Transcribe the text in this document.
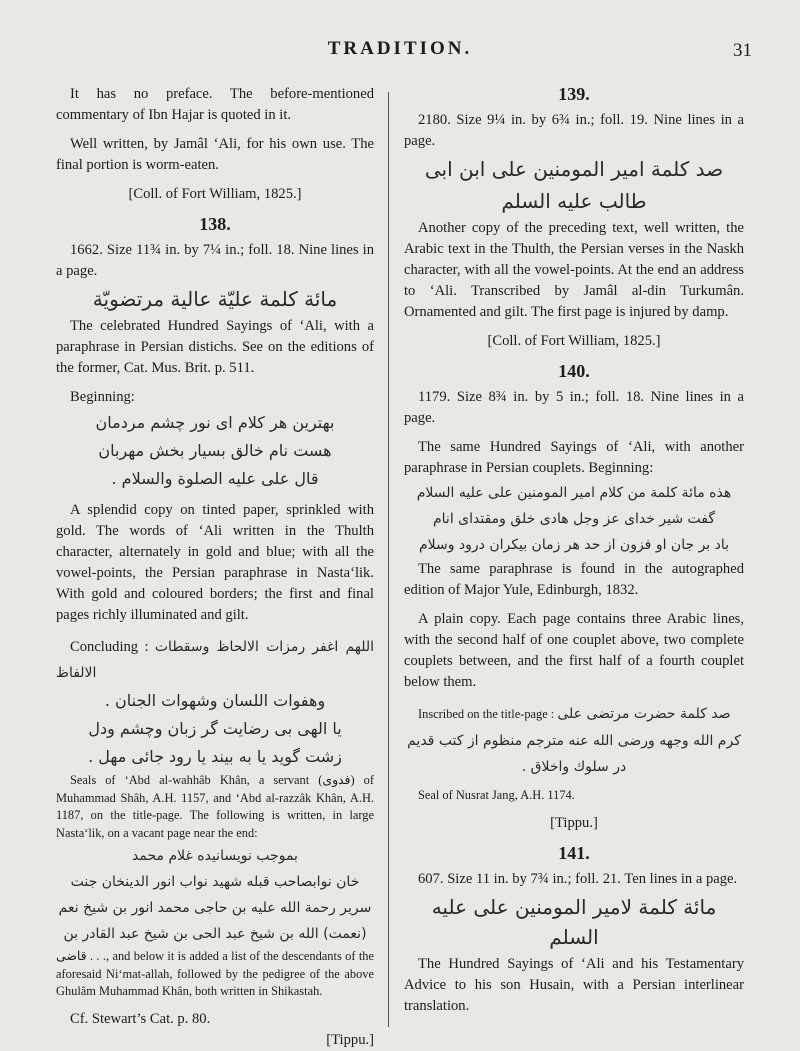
TRADITION.	31

It has no preface. The before-mentioned commentary of Ibn Hajar is quoted in it.

Well written, by Jamâl ‘Ali, for his own use. The final portion is worm-eaten.

[Coll. of Fort William, 1825.]

138.

1662. Size 11¾ in. by 7¼ in.; foll. 18. Nine lines in a page.

مائة كلمة عليّة عالية مرتضويّة

The celebrated Hundred Sayings of ‘Ali, with a paraphrase in Persian distichs. See on the editions of the former, Cat. Mus. Brit. p. 511.

Beginning:

بهترين هر كلام اى نور چشم مردمان
هست نام خالق بسيار بخش مهربان
قال على عليه الصلوة والسلام .

A splendid copy on tinted paper, sprinkled with gold. The words of ‘Ali written in the Thulth character, alternately in gold and blue; with all the vowel-points, the Persian paraphrase in Nasta‘lik. With gold and coloured borders; the first and final pages richly illuminated and gilt.

Concluding : اللهم اغفر رمزات الالحاظ وسقطات الالفاظ

وهفوات اللسان وشهوات الجنان .
يا الهى بى رضايت گر زبان وچشم ودل
زشت گويد يا به بيند يا رود جائى مهل .

Seals of ‘Abd al-wahhâb Khân, a servant (فدوى) of Muhammad Shâh, A.H. 1157, and ‘Abd al-razzâk Khân, A.H. 1187, on the title-page. The following is written, in large Nasta‘lik, on a vacant page near the end:

بموجب نويسانيده غلام محمد
خان نوابصاحب قبله شهيد نواب انور الدينخان جنت
سرير رحمة الله عليه بن حاجى محمد انور بن شيخ نعم
(نعمت) الله بن شيخ عبد الحى بن شيخ عبد القادر بن

قاضى . . ., and below it is added a list of the descendants of the aforesaid Ni‘mat-allah, followed by the pedigree of the above Ghulâm Muhammad Khân, both written in Shikastah.

Cf. Stewart’s Cat. p. 80.

[Tippu.]

139.

2180. Size 9¼ in. by 6¾ in.; foll. 19. Nine lines in a page.

صد كلمة امير المومنين على ابن ابى
طالب عليه السلم

Another copy of the preceding text, well written, the Arabic text in the Thulth, the Persian verses in the Naskh character, with all the vowel-points. At the end an address to ‘Ali. Transcribed by Jamâl al-din Turkumân. Ornamented and gilt. The first page is injured by damp.

[Coll. of Fort William, 1825.]

140.

1179. Size 8¾ in. by 5 in.; foll. 18. Nine lines in a page.

The same Hundred Sayings of ‘Ali, with another paraphrase in Persian couplets. Beginning:

هذه مائة كلمة من كلام امير المومنين على عليه السلام
گفت شير خداى عز وجل هادى خلق ومقتداى انام
باد بر جان او فزون از حد هر زمان بيكران درود وسلام

The same paraphrase is found in the autographed edition of Major Yule, Edinburgh, 1832.

A plain copy. Each page contains three Arabic lines, with the second half of one couplet above, two complete couplets between, and the first half of a fourth couplet below them.

Inscribed on the title-page : صد كلمة حضرت مرتضى على

كرم الله وجهه ورضى الله عنه مترجم منظوم از كتب قديم
در سلوك واخلاق .

Seal of Nusrat Jang, A.H. 1174.

[Tippu.]

141.

607. Size 11 in. by 7¾ in.; foll. 21. Ten lines in a page.

مائة كلمة لامير المومنين على عليه السلم

The Hundred Sayings of ‘Ali and his Testamentary Advice to his son Husain, with a Persian interlinear translation.
